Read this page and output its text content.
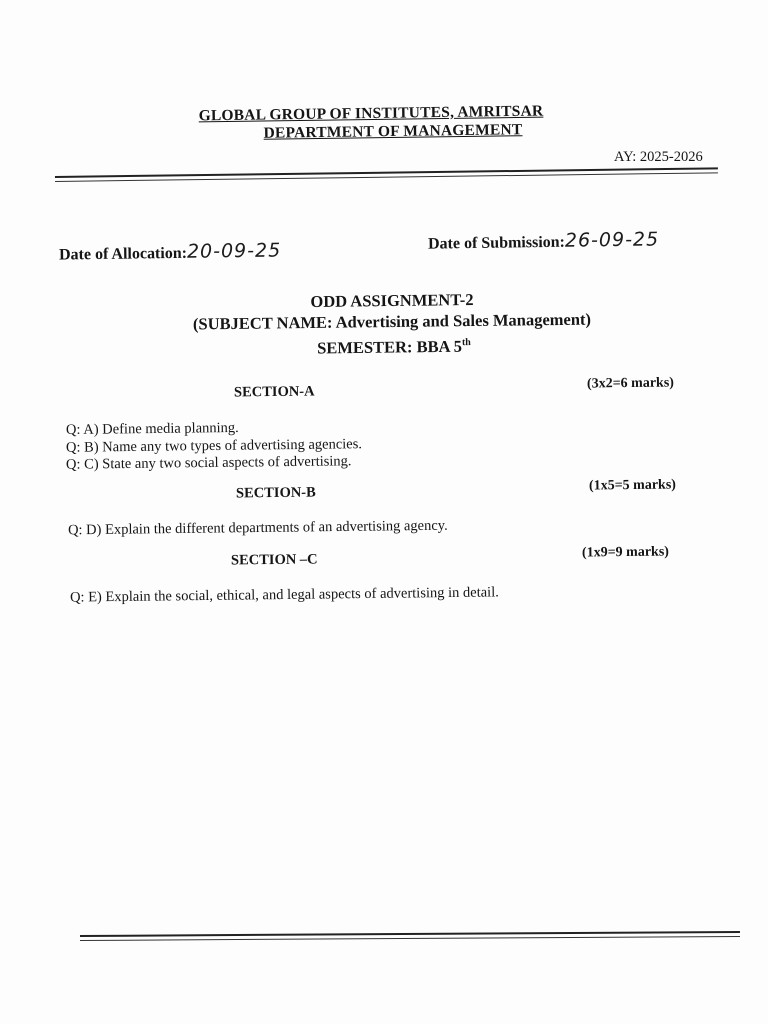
GLOBAL GROUP OF INSTITUTES, AMRITSAR
DEPARTMENT OF MANAGEMENT
AY: 2025-2026
Date of Allocation:20-09-25	Date of Submission:26-09-25
ODD ASSIGNMENT-2
(SUBJECT NAME: Advertising and Sales Management)
SEMESTER: BBA 5th
SECTION-A
(3x2=6 marks)
Q: A) Define media planning.
Q: B) Name any two types of advertising agencies.
Q: C) State any two social aspects of advertising.
SECTION-B	(1x5=5 marks)
Q: D) Explain the different departments of an advertising agency.
SECTION –C	(1x9=9 marks)
Q: E) Explain the social, ethical, and legal aspects of advertising in detail.
